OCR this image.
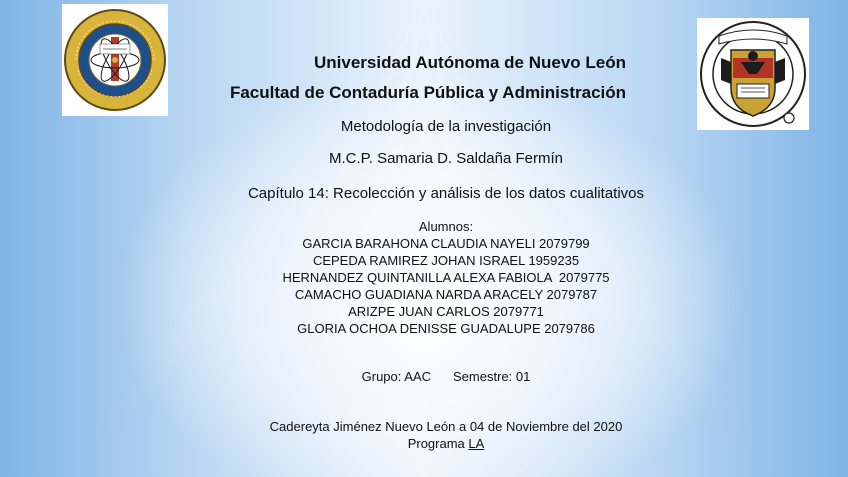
Universidad Autónoma de Nuevo León
Facultad de Contaduría Pública y Administración
Metodología de la investigación
M.C.P. Samaria D. Saldaña Fermín
Capítulo 14: Recolección y análisis de los datos cualitativos
Alumnos:
GARCIA BARAHONA CLAUDIA NAYELI 2079799
CEPEDA RAMIREZ JOHAN ISRAEL 1959235
HERNANDEZ QUINTANILLA ALEXA FABIOLA  2079775
CAMACHO GUADIANA NARDA ARACELY 2079787
ARIZPE JUAN CARLOS 2079771
GLORIA OCHOA DENISSE GUADALUPE 2079786
Grupo: AAC Semestre: 01
Cadereyta Jiménez Nuevo León a 04 de Noviembre del 2020
Programa LA
